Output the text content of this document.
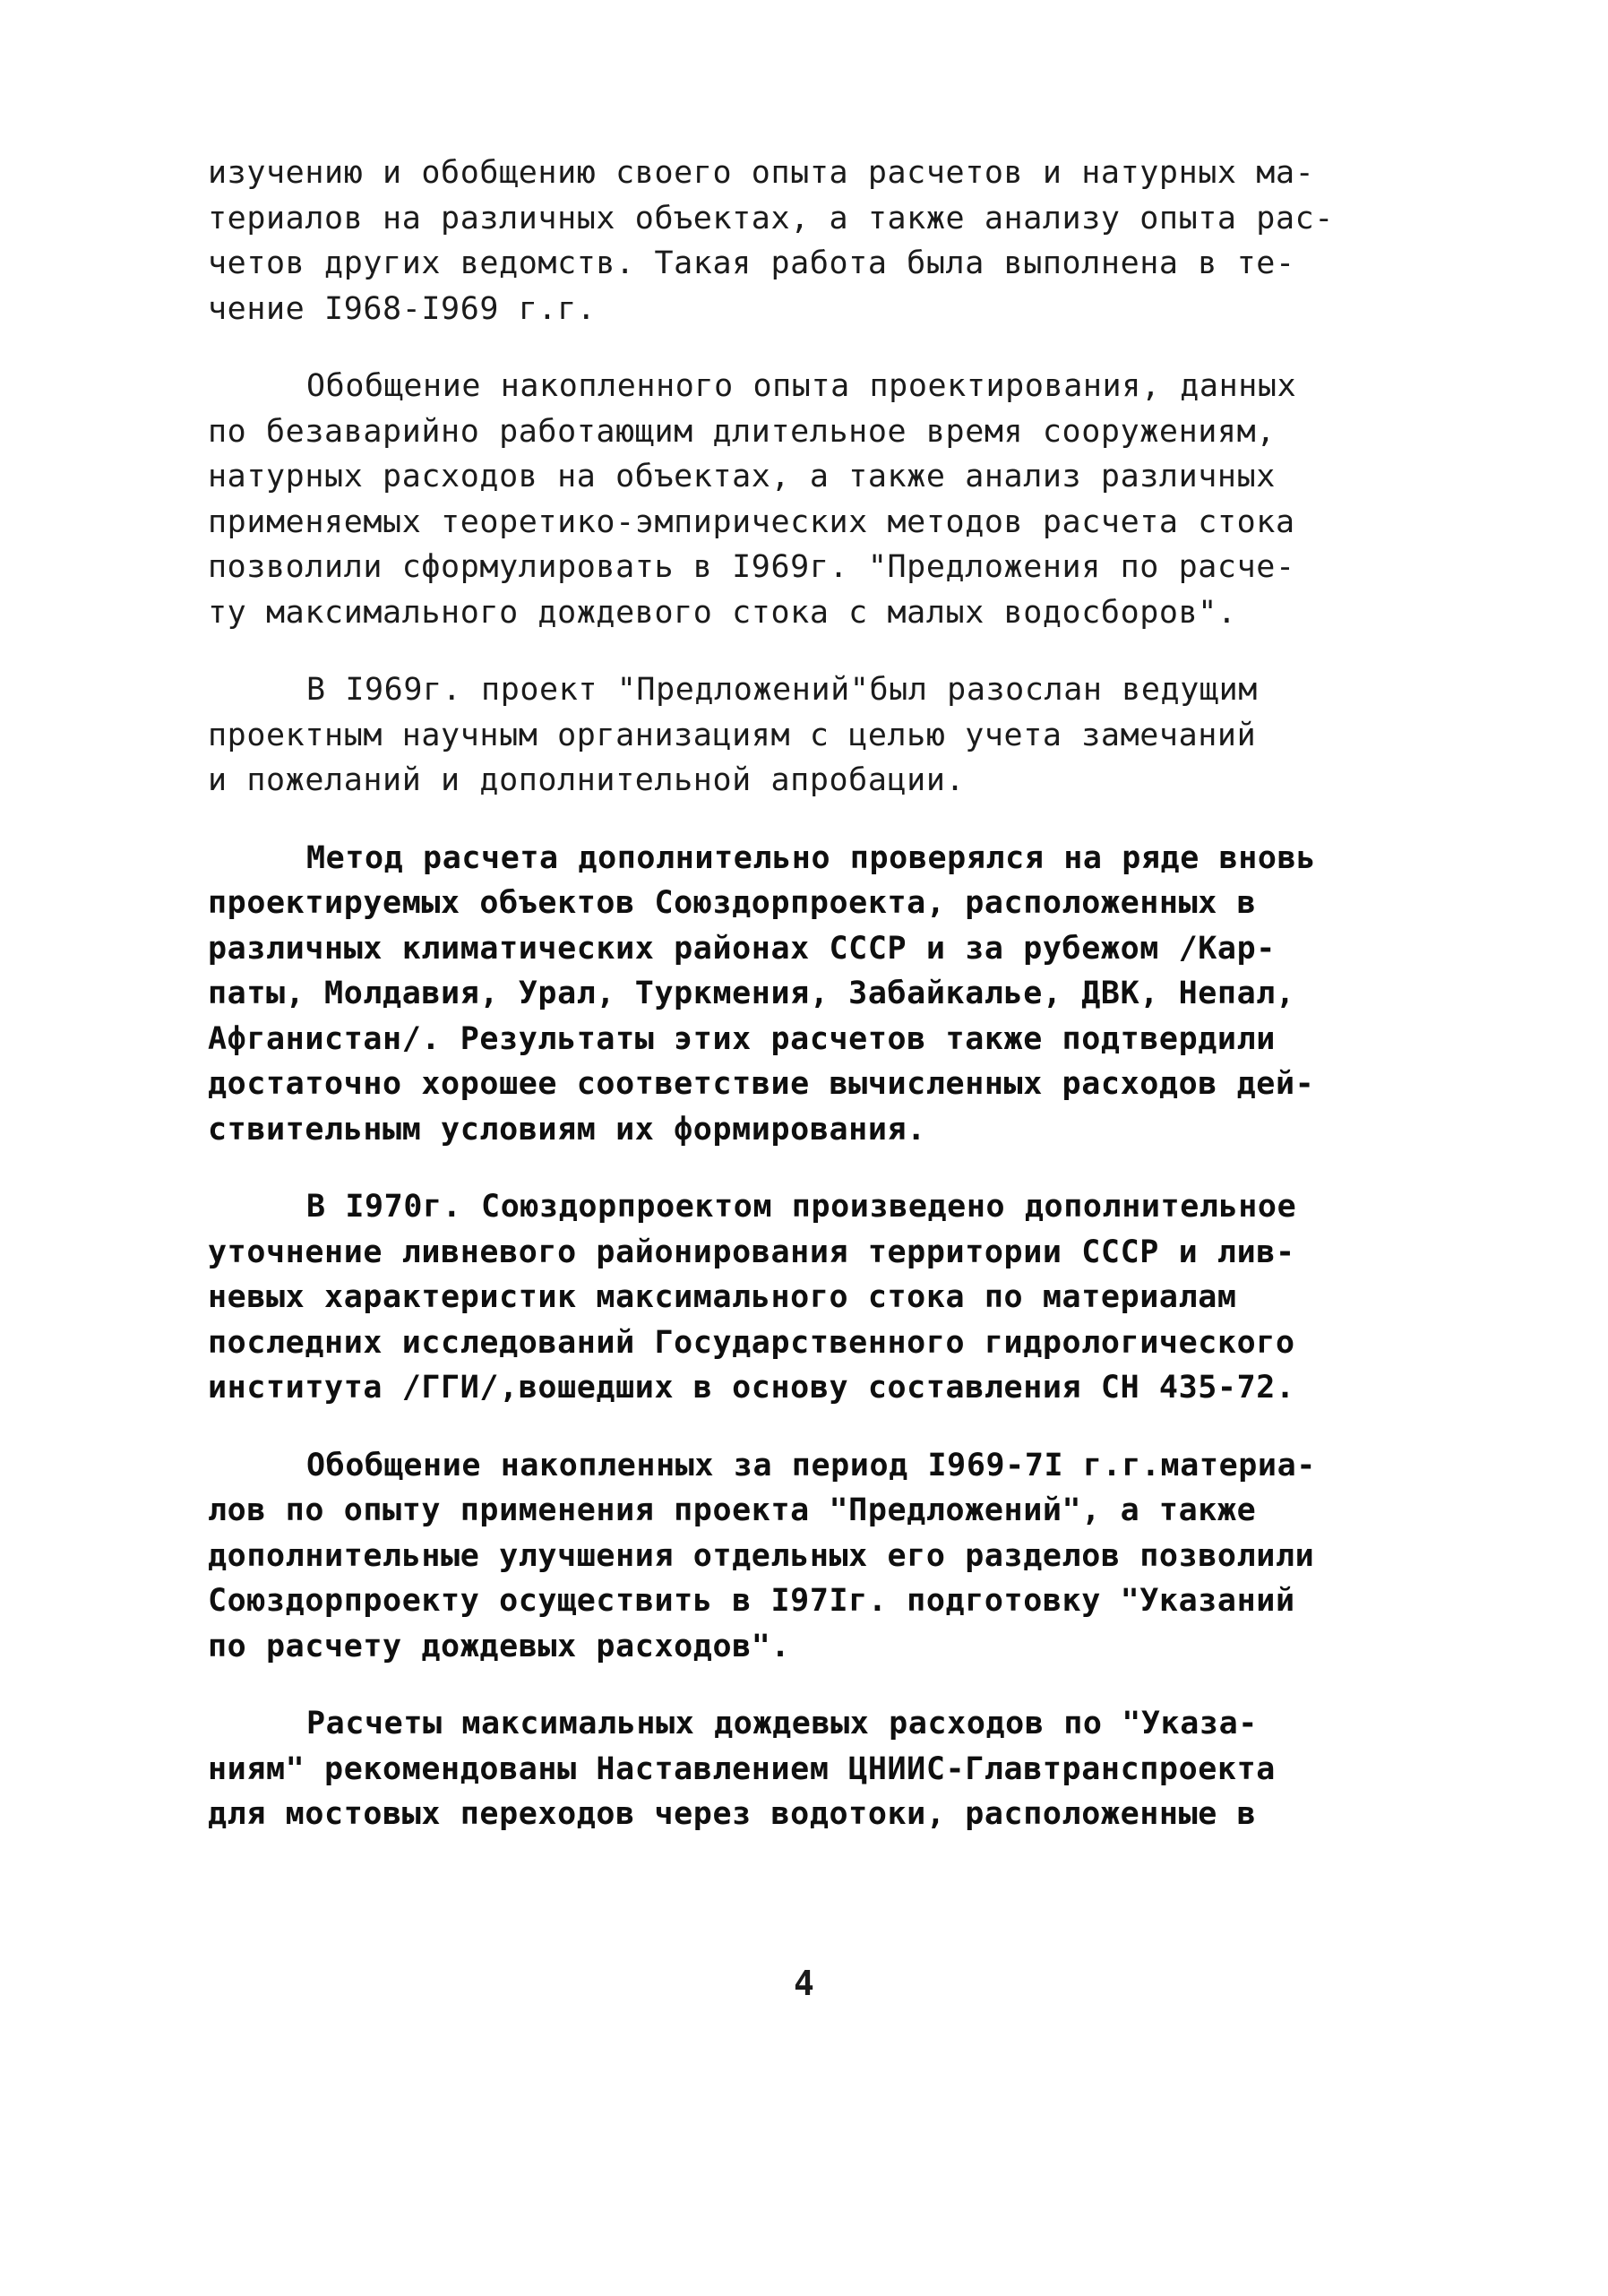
изучению и обобщению своего опыта расчетов и натурных ма-
териалов на различных объектах, а также анализу опыта рас-
четов других ведомств. Такая работа была выполнена в те-
чение I968-I969 г.г.
Обобщение накопленного опыта проектирования, данных
по безаварийно работающим длительное время сооружениям,
натурных расходов на объектах, а также анализ различных
применяемых теоретико-эмпирических методов расчета стока
позволили сформулировать в I969г. "Предложения по расче-
ту максимального дождевого стока с малых водосборов".
В I969г. проект "Предложений"был разослан ведущим
проектным научным организациям с целью учета замечаний
и пожеланий и дополнительной апробации.
Метод расчета дополнительно проверялся на ряде вновь
проектируемых объектов Союздорпроекта, расположенных в
различных климатических районах СССР и за рубежом /Кар-
паты, Молдавия, Урал, Туркмения, Забайкалье, ДВК, Непал,
Афганистан/. Результаты этих расчетов также подтвердили
достаточно хорошее соответствие вычисленных расходов дей-
ствительным условиям их формирования.
В I970г. Союздорпроектом произведено дополнительное
уточнение ливневого районирования территории СССР и лив-
невых характеристик максимального стока по материалам
последних исследований Государственного гидрологического
института /ГГИ/,вошедших в основу составления СН 435-72.
Обобщение накопленных за период I969-7I г.г.материа-
лов по опыту применения проекта "Предложений", а также
дополнительные улучшения отдельных его разделов позволили
Союздорпроекту осуществить в I97Iг. подготовку "Указаний
по расчету дождевых расходов".
Расчеты максимальных дождевых расходов по "Указа-
ниям" рекомендованы Наставлением ЦНИИС-Главтранспроекта
для мостовых переходов через водотоки, расположенные в
4
